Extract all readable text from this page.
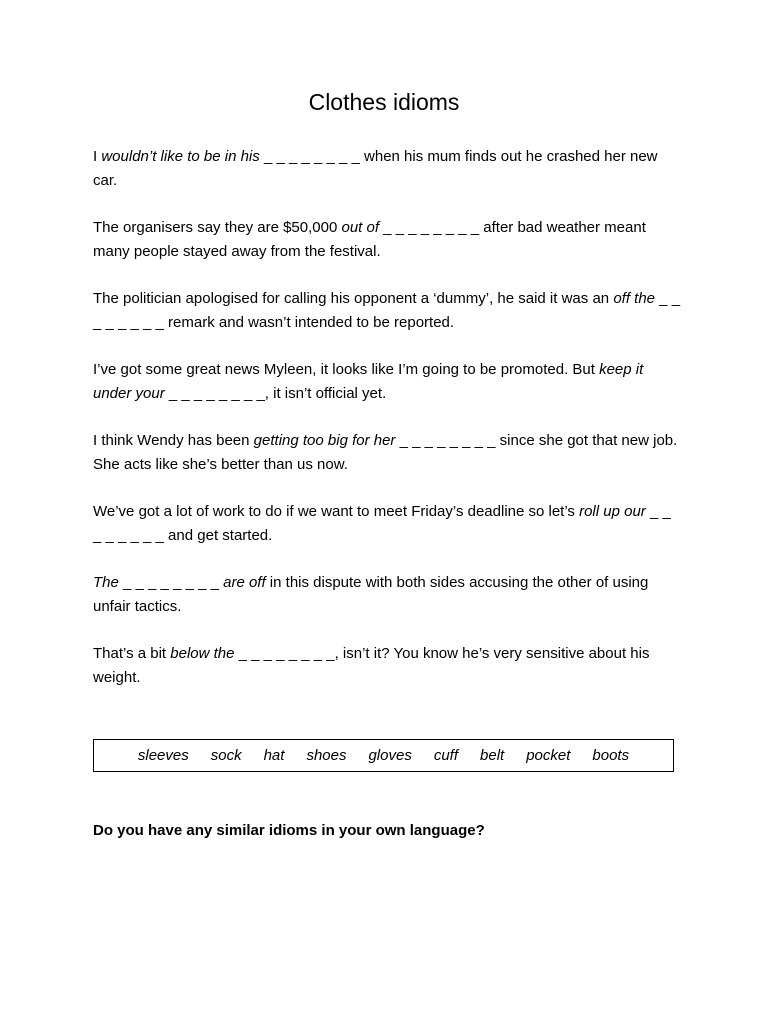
Clothes idioms

I wouldn’t like to be in his _ _ _ _ _ _ _ _ when his mum finds out he crashed her new car.

The organisers say they are $50,000 out of _ _ _ _ _ _ _ _ after bad weather meant many people stayed away from the festival.

The politician apologised for calling his opponent a ‘dummy’, he said it was an off the _ _ _ _ _ _ _ _ remark and wasn’t intended to be reported.

I’ve got some great news Myleen, it looks like I’m going to be promoted. But keep it under your _ _ _ _ _ _ _ _, it isn’t official yet.

I think Wendy has been getting too big for her _ _ _ _ _ _ _ _ since she got that new job. She acts like she’s better than us now.

We’ve got a lot of work to do if we want to meet Friday’s deadline so let’s roll up our _ _ _ _ _ _ _ _ and get started.

The _ _ _ _ _ _ _ _ are off in this dispute with both sides accusing the other of using unfair tactics.

That’s a bit below the _ _ _ _ _ _ _ _, isn’t it? You know he’s very sensitive about his weight.

sleeves sock hat shoes gloves cuff belt pocket boots
Do you have any similar idioms in your own language?
